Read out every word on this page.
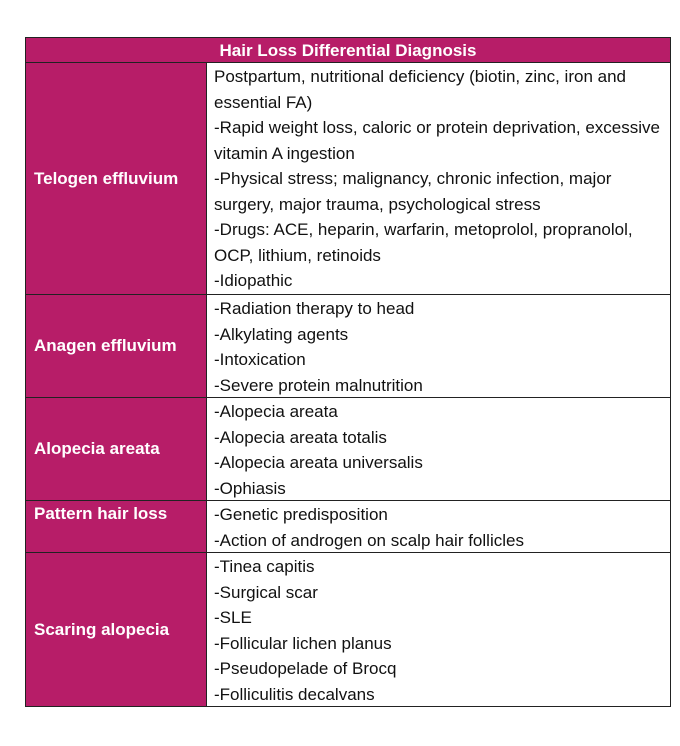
Hair Loss Differential Diagnosis
Telogen effluvium
Postpartum, nutritional deficiency (biotin, zinc, iron and essential FA)
-Rapid weight loss, caloric or protein deprivation, excessive vitamin A ingestion
-Physical stress; malignancy, chronic infection, major surgery, major trauma, psychological stress
-Drugs: ACE, heparin, warfarin, metoprolol, propranolol, OCP, lithium, retinoids
-Idiopathic
Anagen effluvium
-Radiation therapy to head
-Alkylating agents
-Intoxication
-Severe protein malnutrition
Alopecia areata
-Alopecia areata
-Alopecia areata totalis
-Alopecia areata universalis
-Ophiasis
Pattern hair loss	-Genetic predisposition
-Action of androgen on scalp hair follicles
Scaring alopecia
-Tinea capitis
-Surgical scar
-SLE
-Follicular lichen planus
-Pseudopelade of Brocq
-Folliculitis decalvans
